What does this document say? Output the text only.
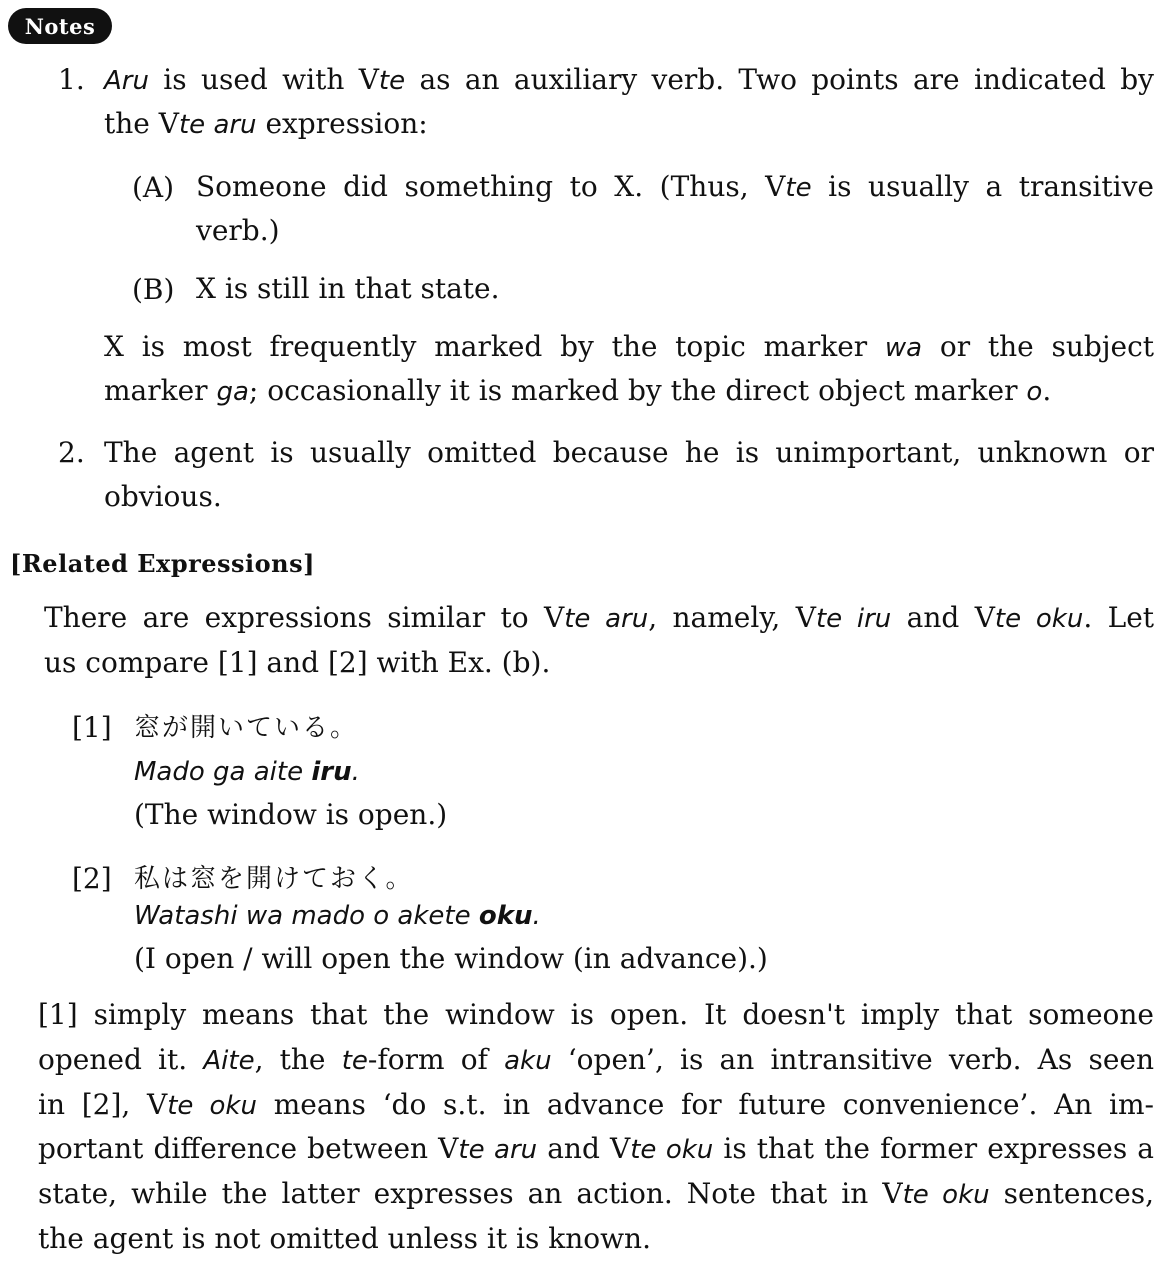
Notes
1. Aru is used with Vte as an auxiliary verb. Two points are indicated by
the Vte aru expression:
(A) Someone did something to X. (Thus, Vte is usually a transitive
verb.)
(B) X is still in that state.
X is most frequently marked by the topic marker wa or the subject
marker ga; occasionally it is marked by the direct object marker o.
2. The agent is usually omitted because he is unimportant, unknown or
obvious.
[Related Expressions]
There are expressions similar to Vte aru, namely, Vte iru and Vte oku. Let
us compare [1] and [2] with Ex. (b).
[1] 窓が開いている。
Mado ga aite iru.
(The window is open.)
[2] 私は窓を開けておく。
Watashi wa mado o akete oku.
(I open / will open the window (in advance).)
[1] simply means that the window is open. It doesn't imply that someone
opened it. Aite, the te-form of aku ‘open’, is an intransitive verb. As seen
in [2], Vte oku means ‘do s.t. in advance for future convenience’. An im-
portant difference between Vte aru and Vte oku is that the former expresses a
state, while the latter expresses an action. Note that in Vte oku sentences,
the agent is not omitted unless it is known.
